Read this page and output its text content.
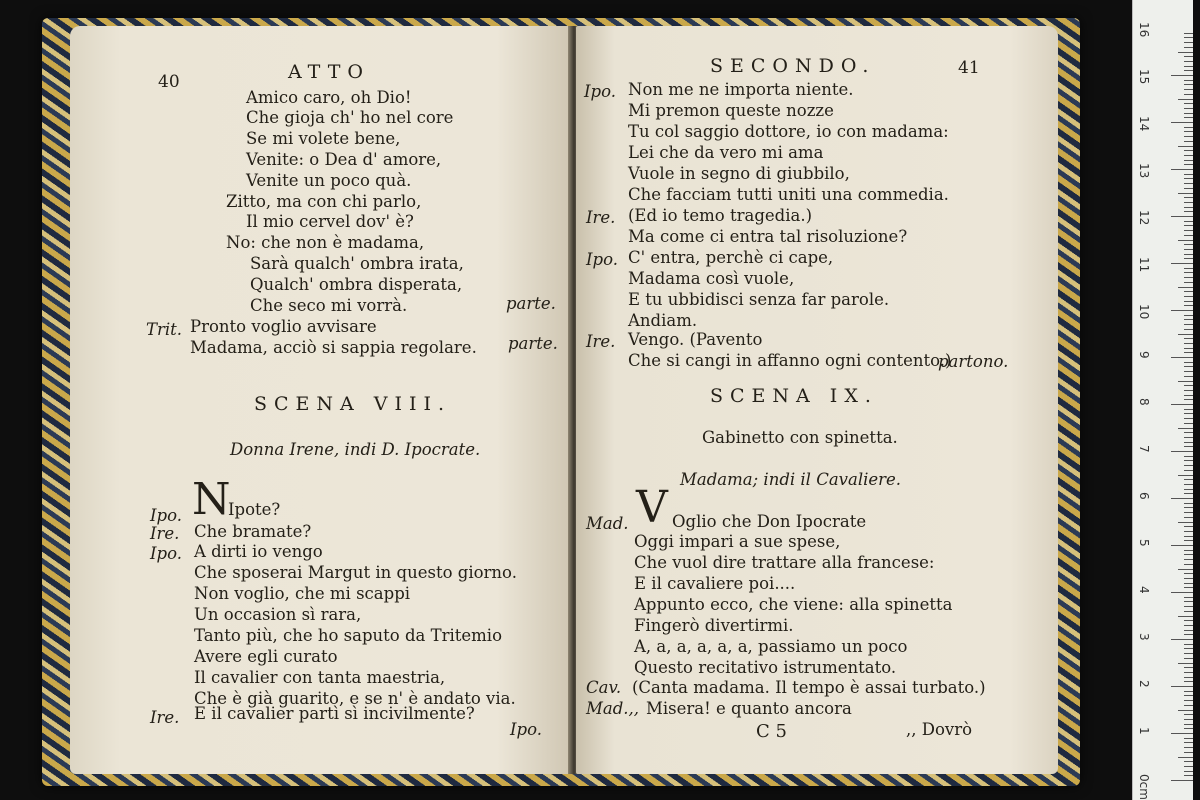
40	ATTO
Amico caro, oh Dio!
Che gioja ch' ho nel core
Se mi volete bene,
Venite: o Dea d' amore,
Venite un poco quà.
Zitto, ma con chi parlo,
Il mio cervel dov' è?
No: che non è madama,
Sarà qualch' ombra irata,
Qualch' ombra disperata,
Che seco mi vorrà.	parte.
Trit. Pronto voglio avvisare
Madama, acciò si sappia regolare. parte.
SCENA VIII.
Donna Irene, indi D. Ipocrate.
Ipo. N
Ipote?
Ire. Che bramate?
Ipo. A dirti io vengo
Che sposerai Margut in questo giorno.
Non voglio, che mi scappi
Un occasion sì rara,
Tanto più, che ho saputo da Tritemio
Avere egli curato
Il cavalier con tanta maestria,
Che è già guarito, e se n' è andato via.
Ire. E il cavalier partì sì incivilmente?
Ipo.
SECONDO.	41
Ipo. Non me ne importa niente.
Mi premon queste nozze
Tu col saggio dottore, io con madama:
Lei che da vero mi ama
Vuole in segno di giubbilo,
Che facciam tutti uniti una commedia.
Ire. (Ed io temo tragedia.)
Ma come ci entra tal risoluzione?
Ipo. C' entra, perchè ci cape,
Madama così vuole,
E tu ubbidisci senza far parole.
Andiam.
Ire. Vengo. (Pavento
Che si cangi in affanno ogni contento.)
partono.
SCENA IX.
Gabinetto con spinetta.
Madama; indi il Cavaliere.
Mad. V Oglio che Don Ipocrate
Oggi impari a sue spese,
Che vuol dire trattare alla francese:
E il cavaliere poi....
Appunto ecco, che viene: alla spinetta
Fingerò divertirmi.
A, a, a, a, a, a, passiamo un poco
Questo recitativo istrumentato.
Cav. (Canta madama. Il tempo è assai turbato.)
Mad.,, Misera! e quanto ancora
C 5	,, Dovrò
0cm
1
2
3
4
5
6
7
8
9
10
11
12
13
14
15
16
